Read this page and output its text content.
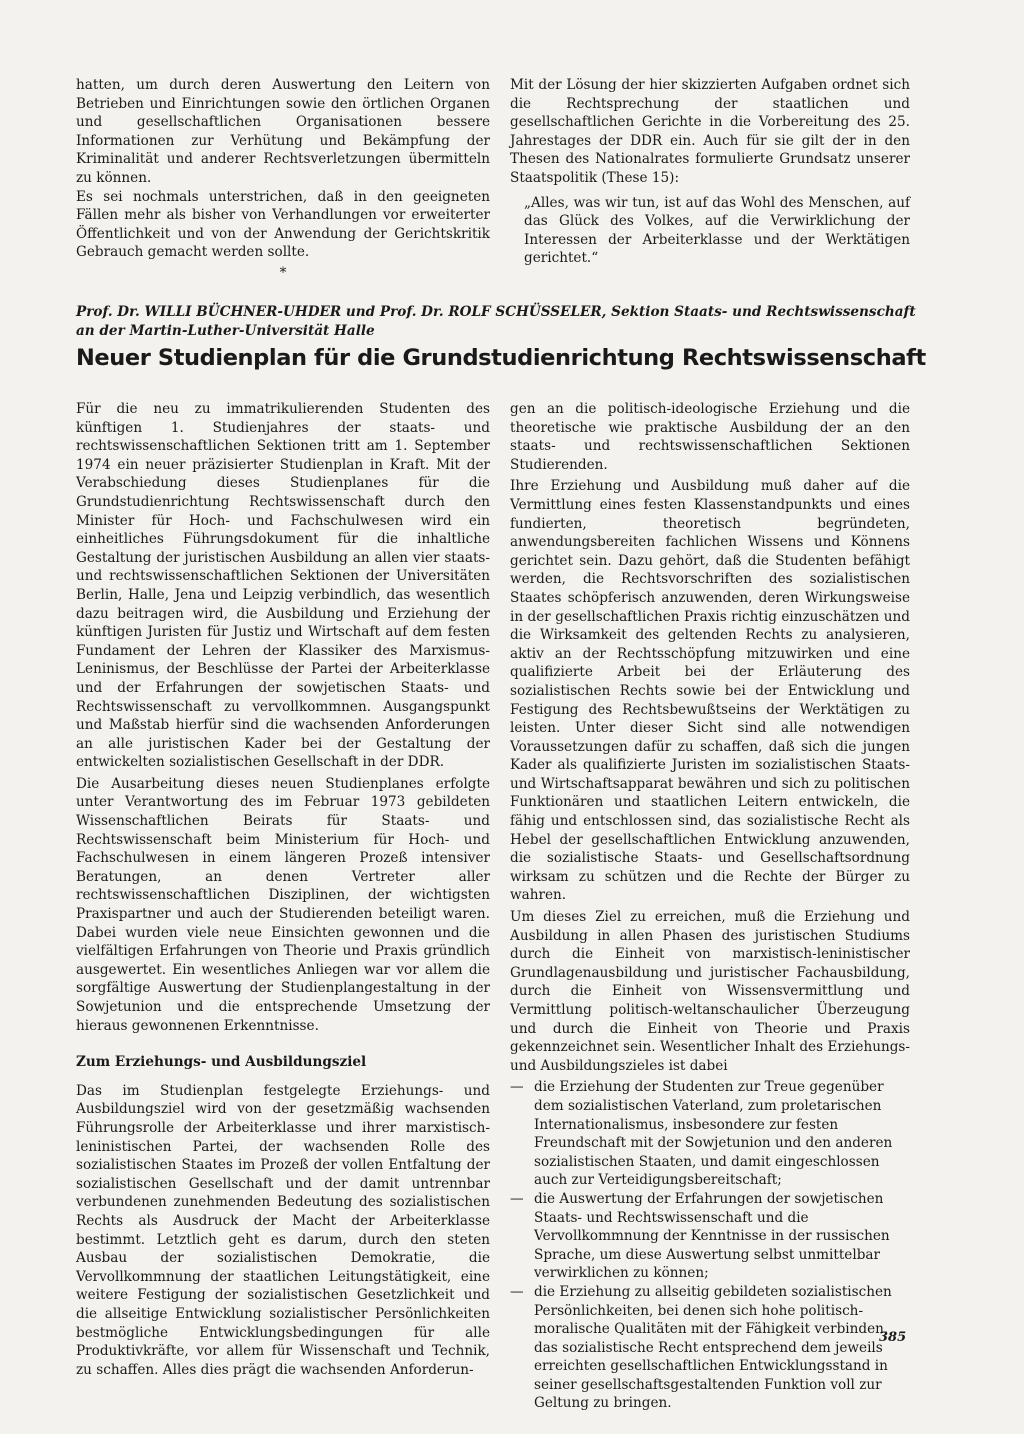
hatten, um durch deren Auswertung den Leitern von Betrieben und Einrichtungen sowie den örtlichen Organen und gesellschaftlichen Organisationen bessere Informationen zur Verhütung und Bekämpfung der Kriminalität und anderer Rechtsverletzungen übermitteln zu können.

Es sei nochmals unterstrichen, daß in den geeigneten Fällen mehr als bisher von Verhandlungen vor erweiterter Öffentlichkeit und von der Anwendung der Gerichtskritik Gebrauch gemacht werden sollte.

*

Mit der Lösung der hier skizzierten Aufgaben ordnet sich die Rechtsprechung der staatlichen und gesellschaftlichen Gerichte in die Vorbereitung des 25. Jahrestages der DDR ein. Auch für sie gilt der in den Thesen des Nationalrates formulierte Grundsatz unserer Staatspolitik (These 15):

„Alles, was wir tun, ist auf das Wohl des Menschen, auf das Glück des Volkes, auf die Verwirklichung der Interessen der Arbeiterklasse und der Werktätigen gerichtet.“

Prof. Dr. WILLI BÜCHNER-UHDER und Prof. Dr. ROLF SCHÜSSELER, Sektion Staats- und Rechtswissenschaft an der Martin-Luther-Universität Halle
Neuer Studienplan für die Grundstudienrichtung Rechtswissenschaft

Für die neu zu immatrikulierenden Studenten des künftigen 1. Studienjahres der staats- und rechtswissenschaftlichen Sektionen tritt am 1. September 1974 ein neuer präzisierter Studienplan in Kraft. Mit der Verabschiedung dieses Studienplanes für die Grundstudienrichtung Rechtswissenschaft durch den Minister für Hoch- und Fachschulwesen wird ein einheitliches Führungsdokument für die inhaltliche Gestaltung der juristischen Ausbildung an allen vier staats- und rechtswissenschaftlichen Sektionen der Universitäten Berlin, Halle, Jena und Leipzig verbindlich, das wesentlich dazu beitragen wird, die Ausbildung und Erziehung der künftigen Juristen für Justiz und Wirtschaft auf dem festen Fundament der Lehren der Klassiker des Marxismus-Leninismus, der Beschlüsse der Partei der Arbeiterklasse und der Erfahrungen der sowjetischen Staats- und Rechtswissenschaft zu vervollkommnen. Ausgangspunkt und Maßstab hierfür sind die wachsenden Anforderungen an alle juristischen Kader bei der Gestaltung der entwickelten sozialistischen Gesellschaft in der DDR.

Die Ausarbeitung dieses neuen Studienplanes erfolgte unter Verantwortung des im Februar 1973 gebildeten Wissenschaftlichen Beirats für Staats- und Rechtswissenschaft beim Ministerium für Hoch- und Fachschulwesen in einem längeren Prozeß intensiver Beratungen, an denen Vertreter aller rechtswissenschaftlichen Disziplinen, der wichtigsten Praxispartner und auch der Studierenden beteiligt waren. Dabei wurden viele neue Einsichten gewonnen und die vielfältigen Erfahrungen von Theorie und Praxis gründlich ausgewertet. Ein wesentliches Anliegen war vor allem die sorgfältige Auswertung der Studienplangestaltung in der Sowjetunion und die entsprechende Umsetzung der hieraus gewonnenen Erkenntnisse.

Zum Erziehungs- und Ausbildungsziel

Das im Studienplan festgelegte Erziehungs- und Ausbildungsziel wird von der gesetzmäßig wachsenden Führungsrolle der Arbeiterklasse und ihrer marxistisch-leninistischen Partei, der wachsenden Rolle des sozialistischen Staates im Prozeß der vollen Entfaltung der sozialistischen Gesellschaft und der damit untrennbar verbundenen zunehmenden Bedeutung des sozialistischen Rechts als Ausdruck der Macht der Arbeiterklasse bestimmt. Letztlich geht es darum, durch den steten Ausbau der sozialistischen Demokratie, die Vervollkommnung der staatlichen Leitungstätigkeit, eine weitere Festigung der sozialistischen Gesetzlichkeit und die allseitige Entwicklung sozialistischer Persönlichkeiten bestmögliche Entwicklungsbedingungen für alle Produktivkräfte, vor allem für Wissenschaft und Technik, zu schaffen. Alles dies prägt die wachsenden Anforderun-

gen an die politisch-ideologische Erziehung und die theoretische wie praktische Ausbildung der an den staats- und rechtswissenschaftlichen Sektionen Studierenden.

Ihre Erziehung und Ausbildung muß daher auf die Vermittlung eines festen Klassenstandpunkts und eines fundierten, theoretisch begründeten, anwendungsbereiten fachlichen Wissens und Könnens gerichtet sein. Dazu gehört, daß die Studenten befähigt werden, die Rechtsvorschriften des sozialistischen Staates schöpferisch anzuwenden, deren Wirkungsweise in der gesellschaftlichen Praxis richtig einzuschätzen und die Wirksamkeit des geltenden Rechts zu analysieren, aktiv an der Rechtsschöpfung mitzuwirken und eine qualifizierte Arbeit bei der Erläuterung des sozialistischen Rechts sowie bei der Entwicklung und Festigung des Rechtsbewußtseins der Werktätigen zu leisten. Unter dieser Sicht sind alle notwendigen Voraussetzungen dafür zu schaffen, daß sich die jungen Kader als qualifizierte Juristen im sozialistischen Staats- und Wirtschaftsapparat bewähren und sich zu politischen Funktionären und staatlichen Leitern entwickeln, die fähig und entschlossen sind, das sozialistische Recht als Hebel der gesellschaftlichen Entwicklung anzuwenden, die sozialistische Staats- und Gesellschaftsordnung wirksam zu schützen und die Rechte der Bürger zu wahren.

Um dieses Ziel zu erreichen, muß die Erziehung und Ausbildung in allen Phasen des juristischen Studiums durch die Einheit von marxistisch-leninistischer Grundlagenausbildung und juristischer Fachausbildung, durch die Einheit von Wissensvermittlung und Vermittlung politisch-weltanschaulicher Überzeugung und durch die Einheit von Theorie und Praxis gekennzeichnet sein. Wesentlicher Inhalt des Erziehungs- und Ausbildungszieles ist dabei

— die Erziehung der Studenten zur Treue gegenüber dem sozialistischen Vaterland, zum proletarischen Internationalismus, insbesondere zur festen Freundschaft mit der Sowjetunion und den anderen sozialistischen Staaten, und damit eingeschlossen auch zur Verteidigungsbereitschaft;
— die Auswertung der Erfahrungen der sowjetischen Staats- und Rechtswissenschaft und die Vervollkommnung der Kenntnisse in der russischen Sprache, um diese Auswertung selbst unmittelbar verwirklichen zu können;
— die Erziehung zu allseitig gebildeten sozialistischen Persönlichkeiten, bei denen sich hohe politisch-moralische Qualitäten mit der Fähigkeit verbinden, das sozialistische Recht entsprechend dem jeweils erreichten gesellschaftlichen Entwicklungsstand in seiner gesellschaftsgestaltenden Funktion voll zur Geltung zu bringen.
385
